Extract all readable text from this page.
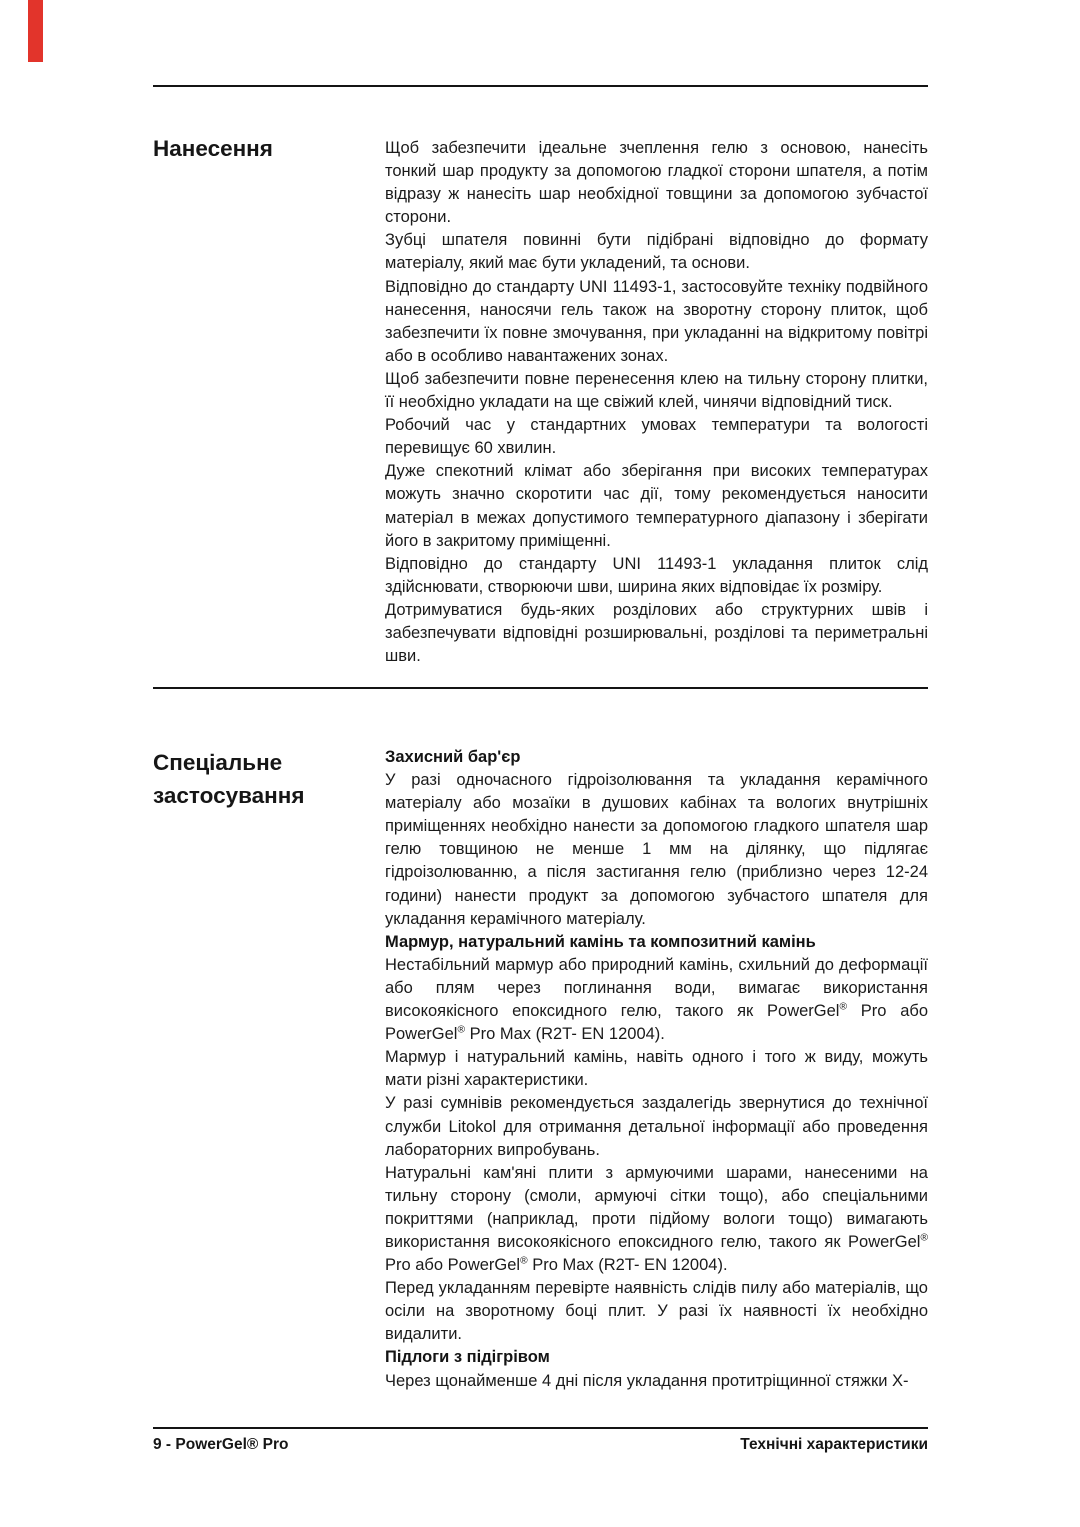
Нанесення	Щоб забезпечити ідеальне зчеплення гелю з основою, нанесіть тонкий шар продукту за допомогою гладкої сторони шпателя, а потім відразу ж нанесіть шар необхідної товщини за допомогою зубчастої сторони.

Зубці шпателя повинні бути підібрані відповідно до формату матеріалу, який має бути укладений, та основи.

Відповідно до стандарту UNI 11493-1, застосовуйте техніку подвійного нанесення, наносячи гель також на зворотну сторону плиток, щоб забезпечити їх повне змочування, при укладанні на відкритому повітрі або в особливо навантажених зонах.

Щоб забезпечити повне перенесення клею на тильну сторону плитки, її необхідно укладати на ще свіжий клей, чинячи відповідний тиск.

Робочий час у стандартних умовах температури та вологості перевищує 60 хвилин.

Дуже спекотний клімат або зберігання при високих температурах можуть значно скоротити час дії, тому рекомендується наносити матеріал в межах допустимого температурного діапазону і зберігати його в закритому приміщенні.

Відповідно до стандарту UNI 11493-1 укладання плиток слід здійснювати, створюючи шви, ширина яких відповідає їх розміру.

Дотримуватися будь-яких розділових або структурних швів і забезпечувати відповідні розширювальні, розділові та периметральні шви.

Спеціальне застосування

Захисний бар'єр

У разі одночасного гідроізолювання та укладання керамічного матеріалу або мозаїки в душових кабінах та вологих внутрішніх приміщеннях необхідно нанести за допомогою гладкого шпателя шар гелю товщиною не менше 1 мм на ділянку, що підлягає гідроізолюванню, а після застигання гелю (приблизно через 12-24 години) нанести продукт за допомогою зубчастого шпателя для укладання керамічного матеріалу.

Мармур, натуральний камінь та композитний камінь

Нестабільний мармур або природний камінь, схильний до деформації або плям через поглинання води, вимагає використання високоякісного епоксидного гелю, такого як PowerGel® Pro або PowerGel® Pro Max (R2T- EN 12004).

Мармур і натуральний камінь, навіть одного і того ж виду, можуть мати різні характеристики.

У разі сумнівів рекомендується заздалегідь звернутися до технічної служби Litokol для отримання детальної інформації або проведення лабораторних випробувань.

Натуральні кам'яні плити з армуючими шарами, нанесеними на тильну сторону (смоли, армуючі сітки тощо), або спеціальними покриттями (наприклад, проти підйому вологи тощо) вимагають використання високоякісного епоксидного гелю, такого як PowerGel® Pro або PowerGel® Pro Max (R2T- EN 12004).

Перед укладанням перевірте наявність слідів пилу або матеріалів, що осіли на зворотному боці плит. У разі їх наявності їх необхідно видалити.

Підлоги з підігрівом

Через щонайменше 4 дні після укладання протитріщинної стяжки X-

9 - PowerGel® Pro	Технічні характеристики
